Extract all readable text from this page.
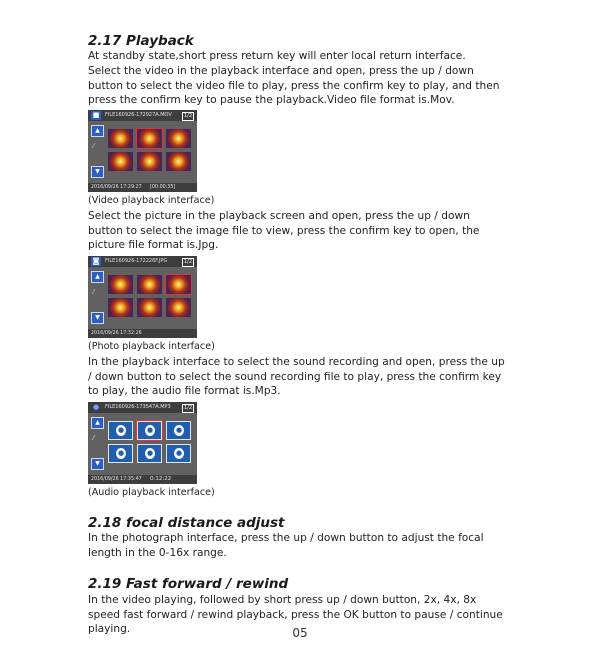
2.17 Playback

At standby state,short press return key will enter local return interface.

Select the video in the playback interface and open, press the up / down button to select the video file to play, press the confirm key to play, and then press the confirm key to pause the playback.Video file format is.Mov.

■	FILE160926-172927A.MOV	1/2
▲
⁄
▼
2016/09/26 17:29:27 [00:00:35]

(Video playback interface)

Select the picture in the playback screen and open, press the up / down button to select the image file to view, press the confirm key to open, the picture file format is.Jpg.

◙	FILE160926-172226F.JPG	1/2
▲
⁄
▼
2016/09/26 17:32:26

(Photo playback interface)

In the playback interface to select the sound recording and open, press the up / down button to select the sound recording file to play, press the confirm key to play, the audio file format is.Mp3.

●	FILE160926-173547A.MP3	1/2
▲
⁄
▼
●	●	●
●	●	●
2016/09/26 17:35:47 0:12:22

(Audio playback interface)

2.18 focal distance adjust

In the photograph interface, press the up / down button to adjust the focal length in the 0-16x range.

2.19 Fast forward / rewind

In the video playing, followed by short press up / down button, 2x, 4x, 8x speed fast forward / rewind playback, press the OK button to pause / continue playing.	05
